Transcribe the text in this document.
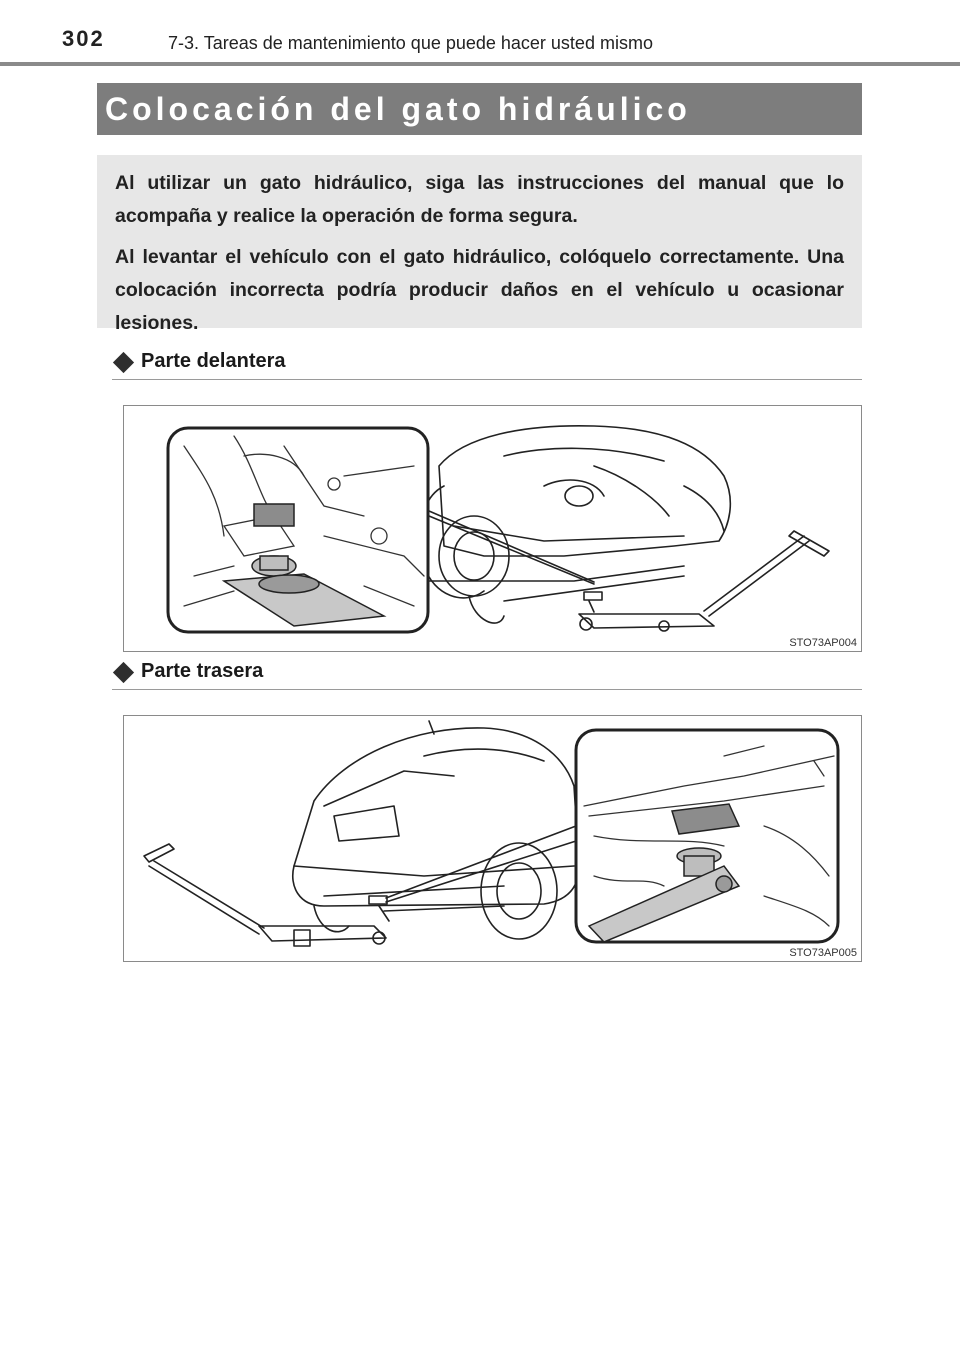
302	7-3. Tareas de mantenimiento que puede hacer usted mismo
Colocación del gato hidráulico

Al utilizar un gato hidráulico, siga las instrucciones del manual que lo acompaña y realice la operación de forma segura.

Al levantar el vehículo con el gato hidráulico, colóquelo correctamente. Una colocación incorrecta podría producir daños en el vehículo u ocasionar lesiones.

Parte delantera
STO73AP004
Parte trasera
STO73AP005
